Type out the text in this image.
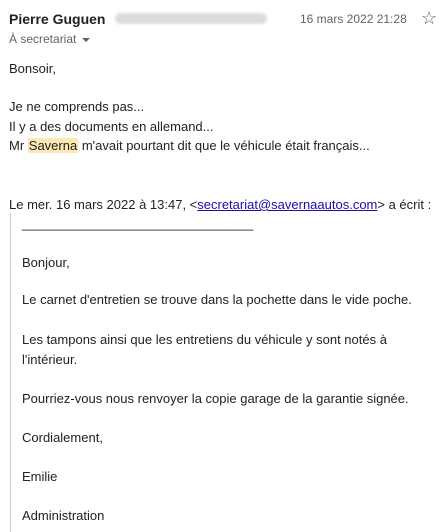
Pierre Guguen	16 mars 2022 21:28 ☆
À secretariat
Bonsoir,
Je ne comprends pas...
Il y a des documents en allemand...
Mr Saverna m'avait pourtant dit que le véhicule était français...
Le mer. 16 mars 2022 à 13:47, <secretariat@savernaautos.com> a écrit :
________________________________
Bonjour,
Le carnet d'entretien se trouve dans la pochette dans le vide poche.
Les tampons ainsi que les entretiens du véhicule y sont notés à
l'intérieur.
Pourriez-vous nous renvoyer la copie garage de la garantie signée.
Cordialement,
Emilie
Administration
